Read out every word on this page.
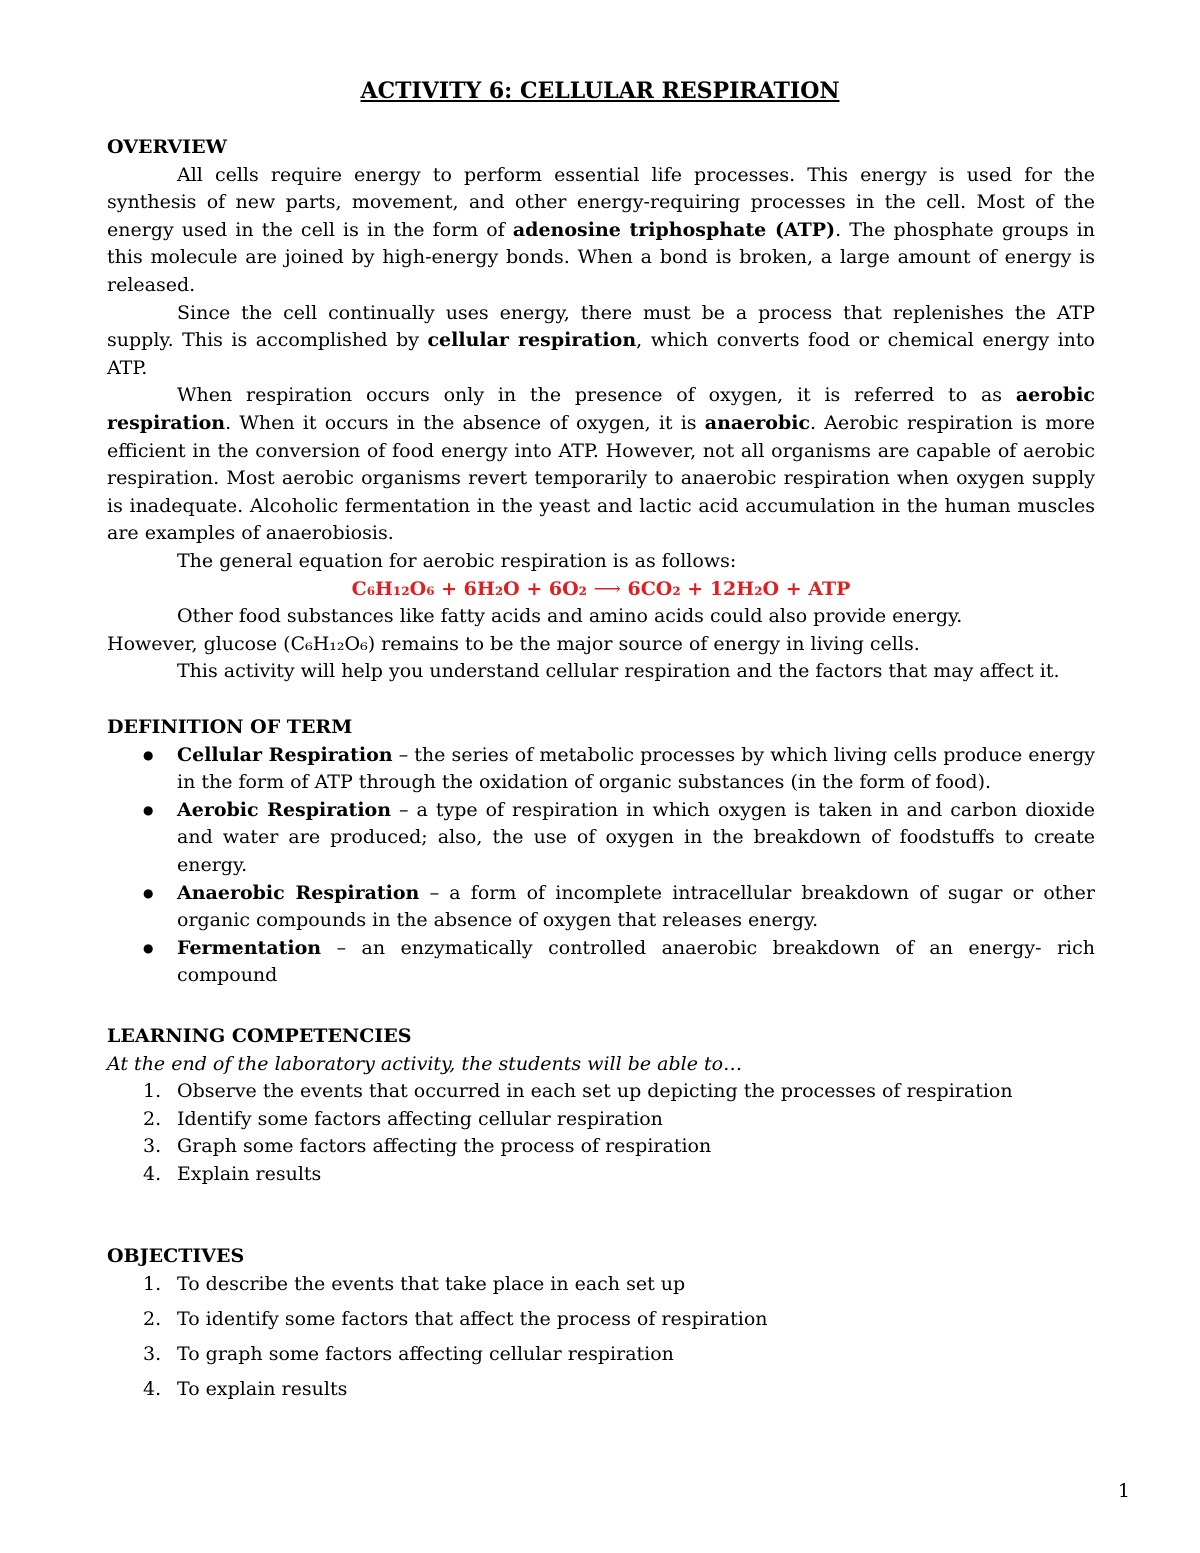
ACTIVITY 6: CELLULAR RESPIRATION
OVERVIEW

All cells require energy to perform essential life processes. This energy is used for the synthesis of new parts, movement, and other energy-requiring processes in the cell. Most of the energy used in the cell is in the form of adenosine triphosphate (ATP). The phosphate groups in this molecule are joined by high-energy bonds. When a bond is broken, a large amount of energy is released.

Since the cell continually uses energy, there must be a process that replenishes the ATP supply. This is accomplished by cellular respiration, which converts food or chemical energy into ATP.

When respiration occurs only in the presence of oxygen, it is referred to as aerobic respiration. When it occurs in the absence of oxygen, it is anaerobic. Aerobic respiration is more efficient in the conversion of food energy into ATP. However, not all organisms are capable of aerobic respiration. Most aerobic organisms revert temporarily to anaerobic respiration when oxygen supply is inadequate. Alcoholic fermentation in the yeast and lactic acid accumulation in the human muscles are examples of anaerobiosis.

The general equation for aerobic respiration is as follows:

C₆H₁₂O₆ + 6H₂O + 6O₂ ⟶ 6CO₂ + 12H₂O + ATP

Other food substances like fatty acids and amino acids could also provide energy.

However, glucose (C₆H₁₂O₆) remains to be the major source of energy in living cells.

This activity will help you understand cellular respiration and the factors that may affect it.

DEFINITION OF TERM
● Cellular Respiration – the series of metabolic processes by which living cells produce energy in the form of ATP through the oxidation of organic substances (in the form of food).
● Aerobic Respiration – a type of respiration in which oxygen is taken in and carbon dioxide and water are produced; also, the use of oxygen in the breakdown of foodstuffs to create energy.
● Anaerobic Respiration – a form of incomplete intracellular breakdown of sugar or other organic compounds in the absence of oxygen that releases energy.
● Fermentation – an enzymatically controlled anaerobic breakdown of an energy- rich compound
LEARNING COMPETENCIES
At the end of the laboratory activity, the students will be able to…
1. Observe the events that occurred in each set up depicting the processes of respiration
2. Identify some factors affecting cellular respiration
3. Graph some factors affecting the process of respiration
4. Explain results
OBJECTIVES
1. To describe the events that take place in each set up
2. To identify some factors that affect the process of respiration
3. To graph some factors affecting cellular respiration
4. To explain results
1
